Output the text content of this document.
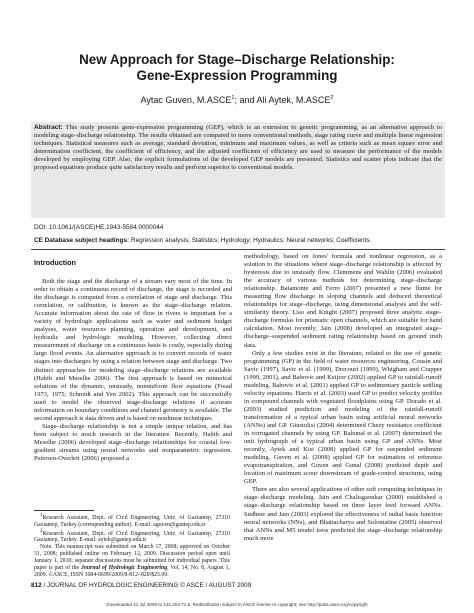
New Approach for Stage–Discharge Relationship:
Gene-Expression Programming
Aytac Guven, M.ASCE$^1$; and Ali Aytek, M.ASCE$^2$
Abstract: This study presents gene-expression programming (GEP), which is an extension to genetic programming, as an alternative approach to modeling stage–discharge relationship. The results obtained are compared to more conventional methods, stage rating curve and multiple linear regression techniques. Statistical measures such as average, standard deviation, minimum and maximum values, as well as criteria such as mean square error and determination coefficient, the coefficient of efficiency, and the adjusted coefficient of efficiency are used to measure the performance of the models developed by employing GEP. Also, the explicit formulations of the developed GEP models are presented. Statistics and scatter plots indicate that the proposed equations produce quite satisfactory results and perform superior to conventional models.
DOI: 10.1061/(ASCE)HE.1943-5584.0000044
CE Database subject headings: Regression analysis; Statistics; Hydrology; Hydraulics; Neural networks; Coefficients.
Introduction

Both the stage and the discharge of a stream vary most of the time. In order to obtain a continuous record of discharge, the stage is recorded and the discharge is computed from a correlation of stage and discharge. This correlation, or calibration, is known as the stage–discharge relation. Accurate information about the rate of flow in rivers is important for a variety of hydrologic applications such as water and sediment budget analyses, water resources planning, operation and development, and hydraulic and hydrologic modeling. However, collecting direct measurement of discharge on a continuous basis is costly, especially during large flood events. An alternative approach is to convert records of water stages into discharges by using a relation between stage and discharge. Two distinct approaches for modeling stage–discharge relations are available (Habib and Meselhe 2006). The first approach is based on numerical solutions of the dynamic, unsteady, nonuniform flow equations (Fread 1973, 1975; Schmidt and Yen 2002). This approach can be successfully used to model the observed stage-discharge relations if accurate information on boundary conditions and channel geometry is available. The second approach is data driven and is based on nonlinear techniques.

Stage–discharge relationship is not a simple unique relation, and has been subject to much research in the literature. Recently, Habib and Meselhe (2006) developed stage–discharge relationships for coastal low-gradient streams using neural networks and nonparametric regression. Petersen-Overleir (2006) proposed a

methodology, based on Jones' formula and nonlinear regression, as a solution to the situations where stage–discharge relationship is affected by hysteresis due to unsteady flow. Clemmens and Wahlin (2006) evaluated the accuracy of various methods for determining stage–discharge relationship. Baiamonte and Ferro (2007) presented a new flume for measuring flow discharge in sloping channels and deduced theoretical relationships for stage–discharge, using dimensional analysis and the self-similarity theory. Liao and Knight (2007) proposed three analytic stage–discharge formulas for prismatic open channels, which are suitable for hand calculation. Most recently, Jain (2008) developed an integrated stage–discharge–suspended sediment rating relationship based on ground truth data.

Only a few studies exist in the literature, related to the use of genetic programming (GP) in the field of water resources engineering. Cousin and Savic (1997), Savic et al. (1999), Drecourt (1999), Whigham and Crapper (1999, 2001), and Babovic and Keijzer (2002) applied GP to rainfall-runoff modeling. Babovic et al. (2001) applied GP to sedimentary particle settling velocity equations. Harris et al. (2003) used GP to predict velocity profiles in compound channels with vegetated floodplains using GP. Dorado et al. (2003) studied prediction and modeling of the rainfall-runoff transformation of a typical urban basin using artificial neural networks (ANNs) and GP. Giustolisi (2004) determined Chezy resistance coefficient in corrugated channels by using GP. Rabunal et al. (2007) determined the unit hydrograph of a typical urban basin using GP and ANNs. Most recently, Aytek and Kisi (2008) applied GP for suspended sediment modeling. Guven et al. (2008) applied GP for estimation of reference evapotranspiration, and Guven and Gunal (2008) predicted depth and location of maximum scour downstream of grade-control structures, using GEP.

There are also several applications of other soft computing techniques in stage–discharge modeling. Jain and Chalisgaonkar (2000) established a stage–discharge relationship based on three layer feed forward ANNs. Sudheer and Jain (2003) explored the effectiveness of radial basis function neural networks (NNs), and Bhattacharya and Solomatine (2005) observed that ANNs and M5 model tress predicted the stage–discharge relationship much more

$^1$Research Assistant, Dept. of Civil Engineering, Univ. of Gaziantep, 27310 Gaziantep, Turkey (corresponding author). E-mail: aguven@gantep.edu.tr

$^2$Research Assistant, Dept. of Civil Engineering, Univ. of Gaziantep, 27310 Gaziantep, Turkey. E-mail: aytek@gantep.edu.tr

Note. This manuscript was submitted on March 17, 2008; approved on October 31, 2008; published online on February 12, 2009. Discussion period open until January 1, 2010; separate discussions must be submitted for individual papers. This paper is part of the Journal of Hydrologic Engineering, Vol. 14, No. 8, August 1, 2009. ©ASCE, ISSN 1084-0699/2009/8-812–820/$25.00.

812 / JOURNAL OF HYDROLOGIC ENGINEERING © ASCE / AUGUST 2009
Downloaded 21 Jul 2009 to 131.204.71.6. Redistribution subject to ASCE license or copyright; see http://pubs.asce.org/copyright
